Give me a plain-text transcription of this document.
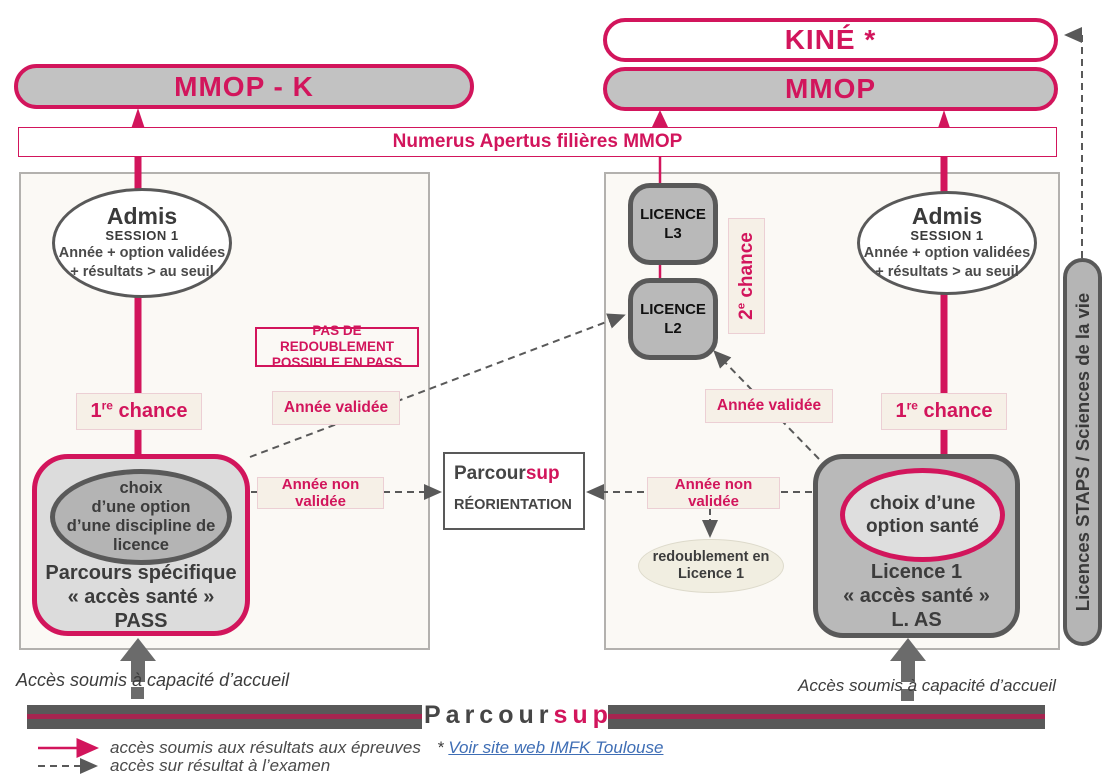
KINÉ *
MMOP - K	MMOP
Numerus Apertus filières MMOP
Admis
SESSION 1
Année + option validées
+ résultats > au seuil
PAS DE REDOUBLEMENT
POSSIBLE EN PASS
1re chance	Année validée
Année non validée
choix
d’une option
d’une discipline de
licence
Parcours spécifique
« accès santé »
PASS
Parcoursup
RÉORIENTATION
LICENCE
L3
LICENCE
L2
2e chance
Admis
SESSION 1
Année + option validées
+ résultats > au seuil
1re chance
Année validée
Année non validée
redoublement en
Licence 1
choix d’une
option santé
Licence 1
« accès santé »
L. AS
Licences STAPS / Sciences de la vie
Accès soumis à capacité d’accueil	Accès soumis à capacité d’accueil
Parcoursup
accès soumis aux résultats aux épreuves
accès sur résultat à l’examen
* Voir site web IMFK Toulouse
